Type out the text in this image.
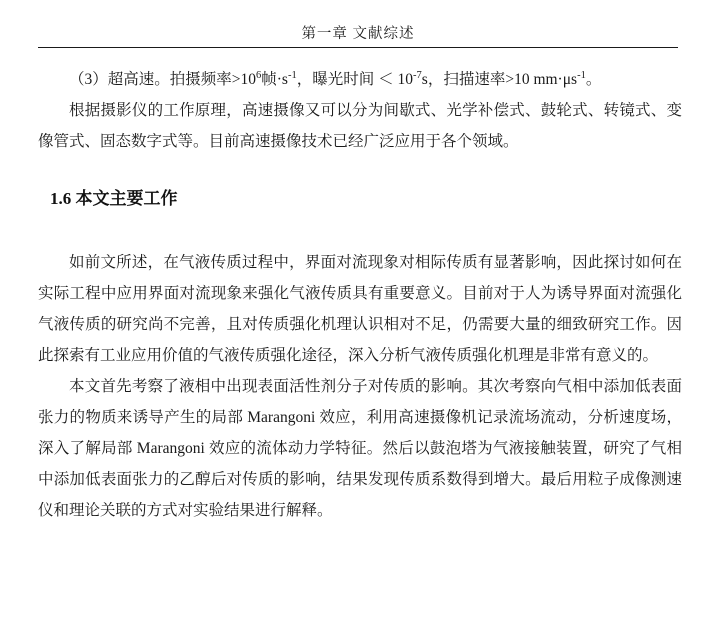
第一章 文献综述

（3）超高速。拍摄频率$>10^6$帧$\cdot s^{-1}$，曝光时间 ＜ $10^{-7}s$，扫描速率>10 $mm\cdot\mu s^{-1}$。

根据摄影仪的工作原理，高速摄像又可以分为间歇式、光学补偿式、鼓轮式、转镜式、变像管式、固态数字式等。目前高速摄像技术已经广泛应用于各个领域。

1.6 本文主要工作

如前文所述，在气液传质过程中，界面对流现象对相际传质有显著影响，因此探讨如何在实际工程中应用界面对流现象来强化气液传质具有重要意义。目前对于人为诱导界面对流强化气液传质的研究尚不完善，且对传质强化机理认识相对不足，仍需要大量的细致研究工作。因此探索有工业应用价值的气液传质强化途径，深入分析气液传质强化机理是非常有意义的。

本文首先考察了液相中出现表面活性剂分子对传质的影响。其次考察向气相中添加低表面张力的物质来诱导产生的局部 Marangoni 效应，利用高速摄像机记录流场流动，分析速度场，深入了解局部 Marangoni 效应的流体动力学特征。然后以鼓泡塔为气液接触装置，研究了气相中添加低表面张力的乙醇后对传质的影响，结果发现传质系数得到增大。最后用粒子成像测速仪和理论关联的方式对实验结果进行解释。
